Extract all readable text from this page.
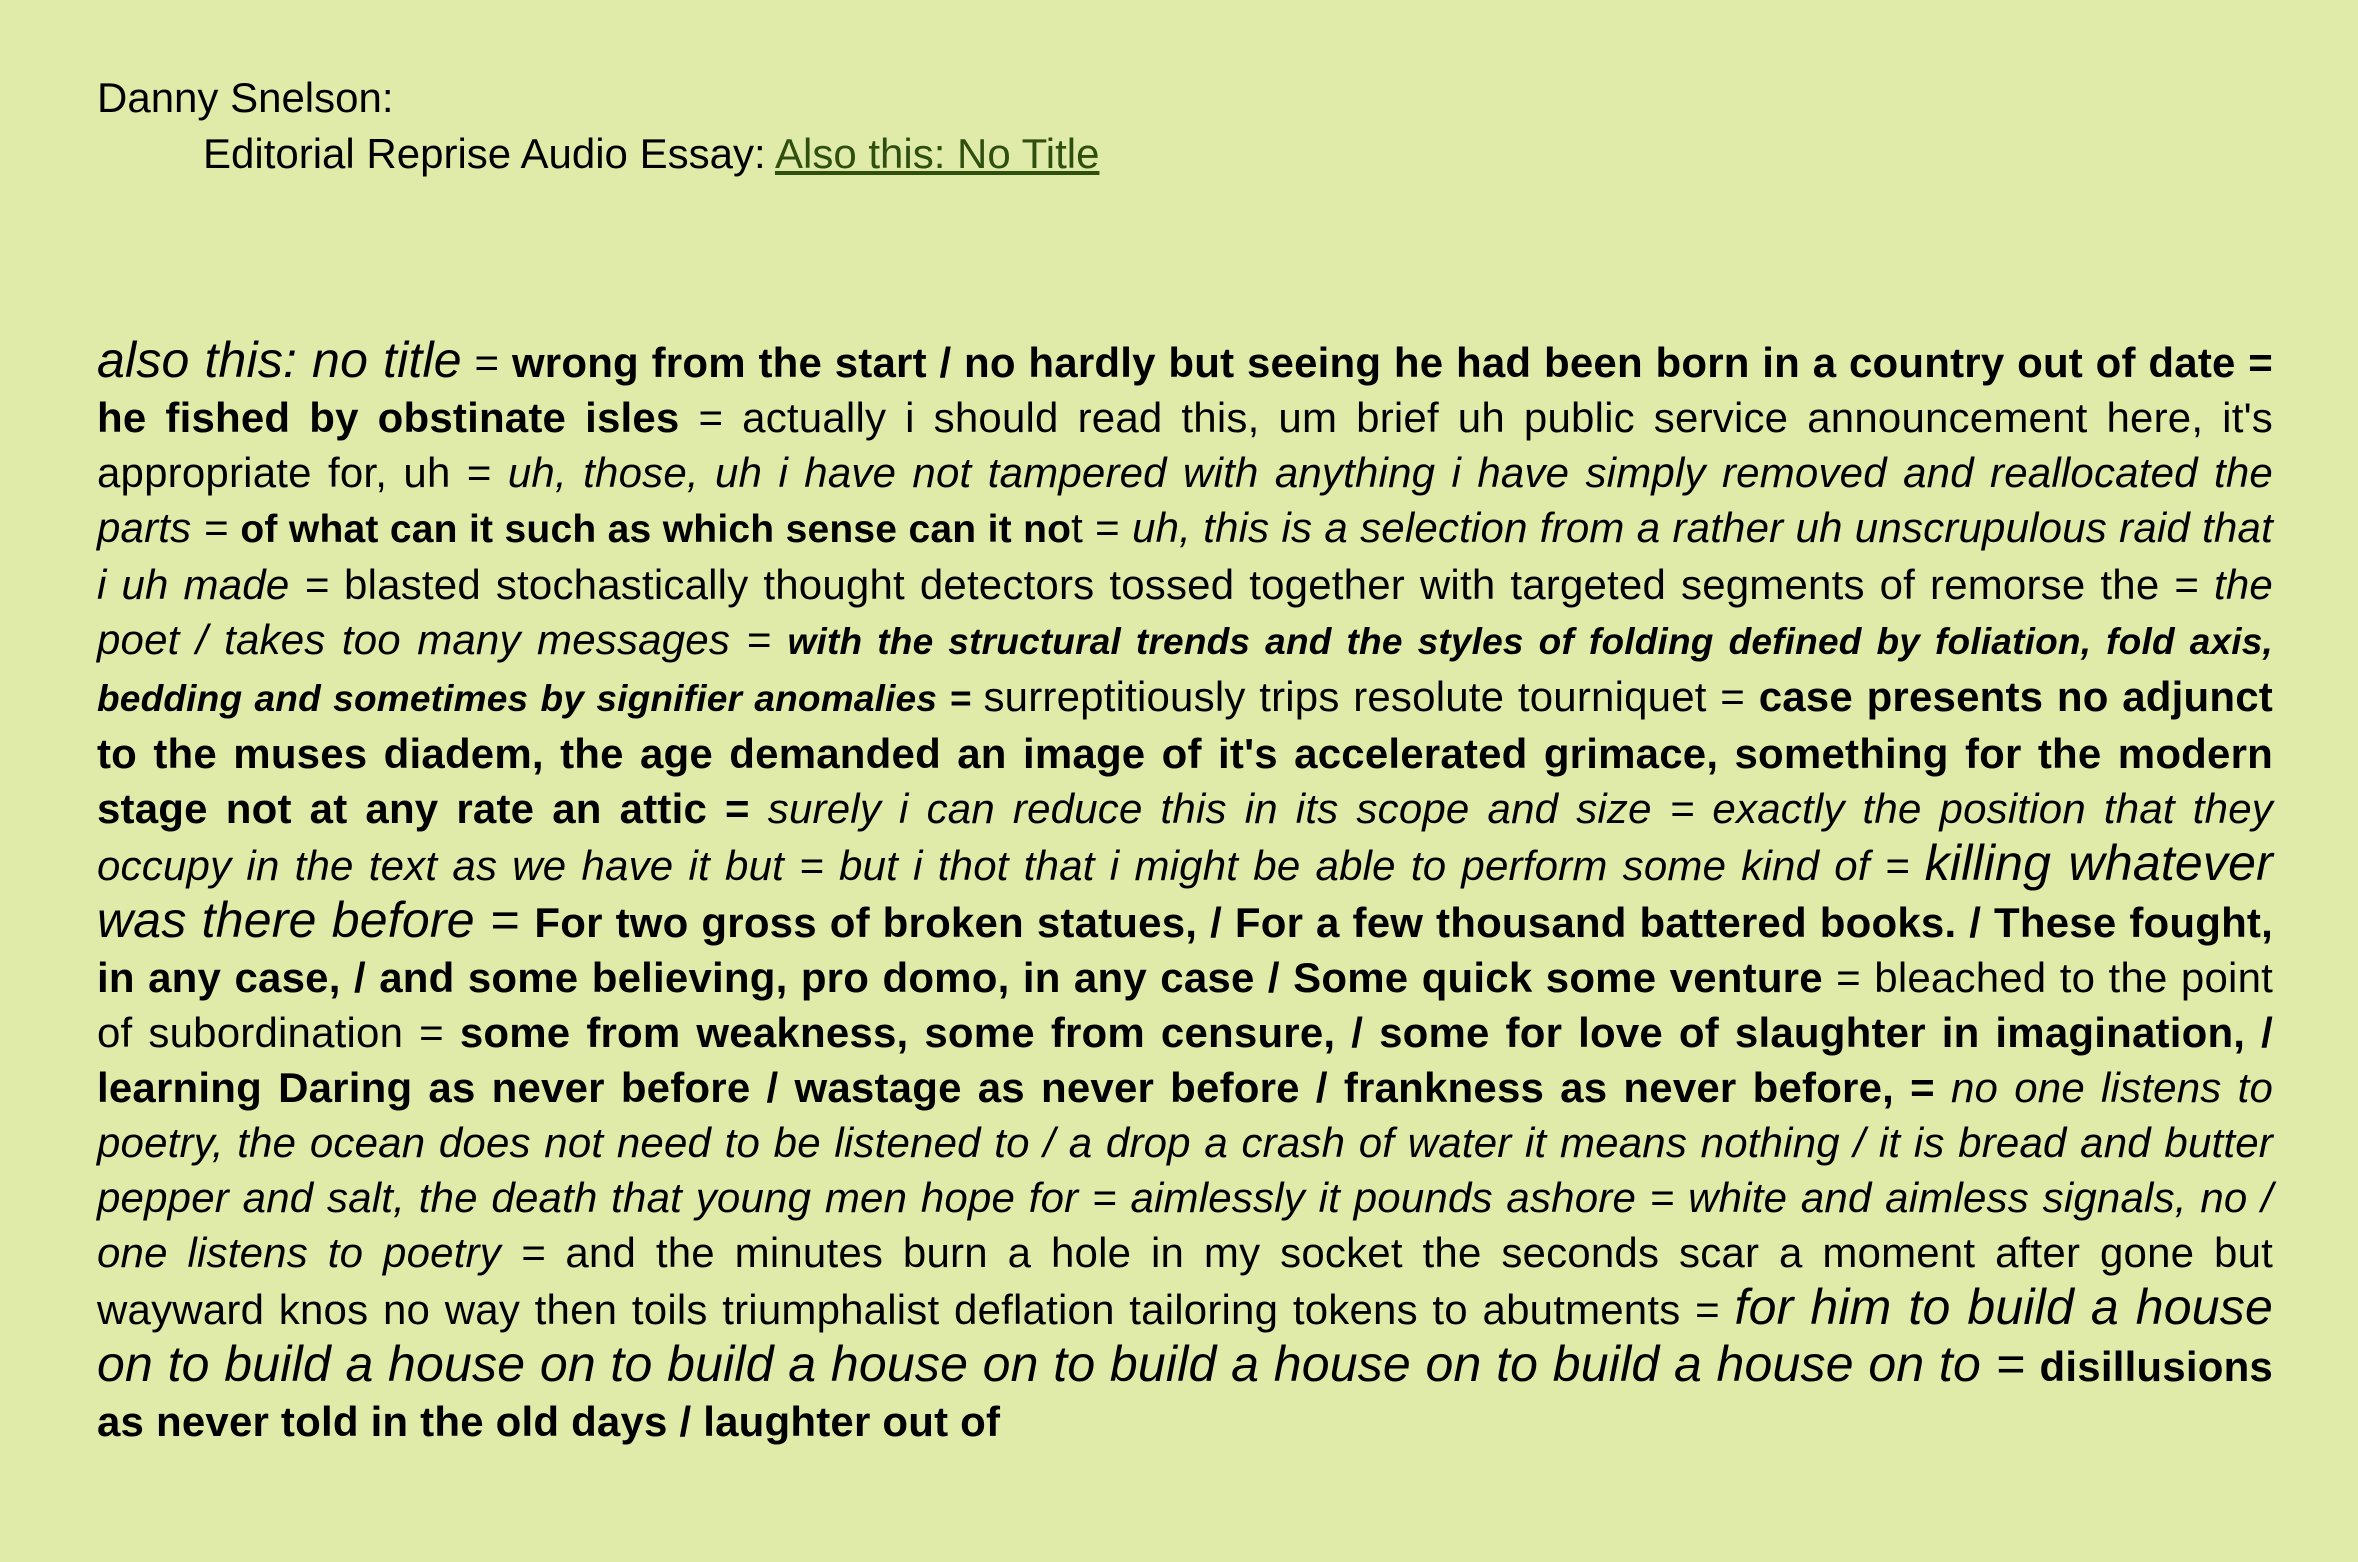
Danny Snelson:
Editorial Reprise Audio Essay: Also this: No Title
also this: no title = wrong from the start / no hardly but seeing he had been born in a country out of date = he fished by obstinate isles = actually i should read this, um brief uh public service announcement here, it's appropriate for, uh = uh, those, uh i have not tampered with anything i have simply removed and reallocated the parts = of what can it such as which sense can it not = uh, this is a selection from a rather uh unscrupulous raid that i uh made = blasted stochastically thought detectors tossed together with targeted segments of remorse the = the poet / takes too many messages = with the structural trends and the styles of folding defined by foliation, fold axis, bedding and sometimes by signifier anomalies = surreptitiously trips resolute tourniquet = case presents no adjunct to the muses diadem, the age demanded an image of it's accelerated grimace, something for the modern stage not at any rate an attic = surely i can reduce this in its scope and size = exactly the position that they occupy in the text as we have it but = but i thot that i might be able to perform some kind of = killing whatever was there before = For two gross of broken statues, / For a few thousand battered books. / These fought, in any case, / and some believing, pro domo, in any case / Some quick some venture = bleached to the point of subordination = some from weakness, some from censure, / some for love of slaughter in imagination, / learning Daring as never before / wastage as never before / frankness as never before, = no one listens to poetry, the ocean does not need to be listened to / a drop a crash of water it means nothing / it is bread and butter pepper and salt, the death that young men hope for = aimlessly it pounds ashore = white and aimless signals, no / one listens to poetry = and the minutes burn a hole in my socket the seconds scar a moment after gone but wayward knos no way then toils triumphalist deflation tailoring tokens to abutments = for him to build a house on to build a house on to build a house on to build a house on to build a house on to = disillusions as never told in the old days / laughter out of
